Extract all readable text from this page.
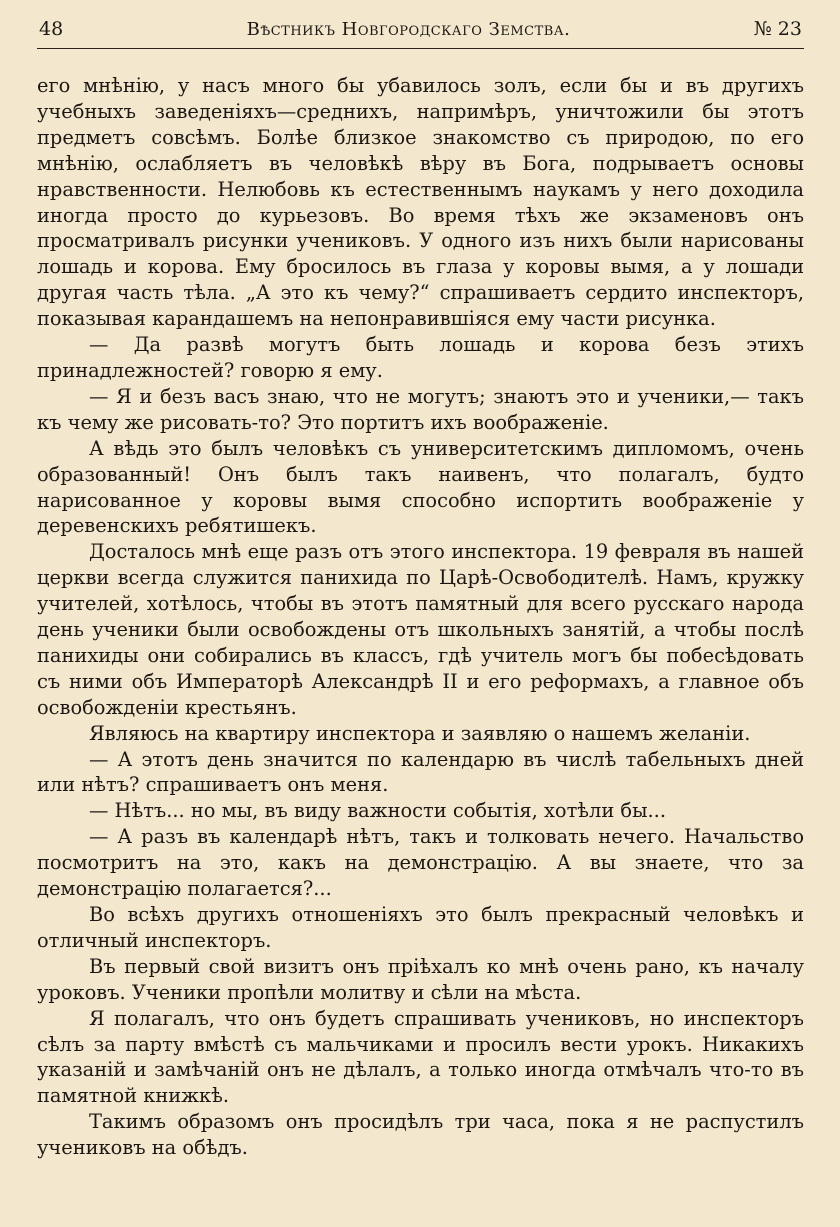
48	Вѣстникъ Новгородскаго Земства.	№ 23

его мнѣнію, у насъ много бы убавилось золъ, если бы и въ другихъ учебныхъ заведеніяхъ—среднихъ, напримѣръ, уничтожили бы этотъ предметъ совсѣмъ. Болѣе близкое знакомство съ природою, по его мнѣнію, ослабляетъ въ человѣкѣ вѣру въ Бога, подрываетъ основы нравственности. Нелюбовь къ естественнымъ наукамъ у него доходила иногда просто до курьезовъ. Во время тѣхъ же экзаменовъ онъ просматривалъ рисунки учениковъ. У одного изъ нихъ были нарисованы лошадь и корова. Ему бросилось въ глаза у коровы вымя, а у лошади другая часть тѣла. „А это къ чему?“ спрашиваетъ сердито инспекторъ, показывая карандашемъ на непонравившіяся ему части рисунка.

— Да развѣ могутъ быть лошадь и корова безъ этихъ принадлежностей? говорю я ему.

— Я и безъ васъ знаю, что не могутъ; знаютъ это и ученики,— такъ къ чему же рисовать-то? Это портитъ ихъ воображеніе.

А вѣдь это былъ человѣкъ съ университетскимъ дипломомъ, очень образованный! Онъ былъ такъ наивенъ, что полагалъ, будто нарисованное у коровы вымя способно испортить воображеніе у деревенскихъ ребятишекъ.

Досталось мнѣ еще разъ отъ этого инспектора. 19 февраля въ нашей церкви всегда служится панихида по Царѣ-Освободителѣ. Намъ, кружку учителей, хотѣлось, чтобы въ этотъ памятный для всего русскаго народа день ученики были освобождены отъ школьныхъ занятій, а чтобы послѣ панихиды они собирались въ классъ, гдѣ учитель могъ бы побесѣдовать съ ними объ Императорѣ Александрѣ II и его реформахъ, а главное объ освобожденіи крестьянъ.

Являюсь на квартиру инспектора и заявляю о нашемъ желаніи.

— А этотъ день значится по календарю въ числѣ табельныхъ дней или нѣтъ? спрашиваетъ онъ меня.

— Нѣтъ... но мы, въ виду важности событія, хотѣли бы...

— А разъ въ календарѣ нѣтъ, такъ и толковать нечего. Начальство посмотритъ на это, какъ на демонстрацію. А вы знаете, что за демонстрацію полагается?...

Во всѣхъ другихъ отношеніяхъ это былъ прекрасный человѣкъ и отличный инспекторъ.

Въ первый свой визитъ онъ пріѣхалъ ко мнѣ очень рано, къ началу уроковъ. Ученики пропѣли молитву и сѣли на мѣста.

Я полагалъ, что онъ будетъ спрашивать учениковъ, но инспекторъ сѣлъ за парту вмѣстѣ съ мальчиками и просилъ вести урокъ. Никакихъ указаній и замѣчаній онъ не дѣлалъ, а только иногда отмѣчалъ что-то въ памятной книжкѣ.

Такимъ образомъ онъ просидѣлъ три часа, пока я не распустилъ учениковъ на обѣдъ.
